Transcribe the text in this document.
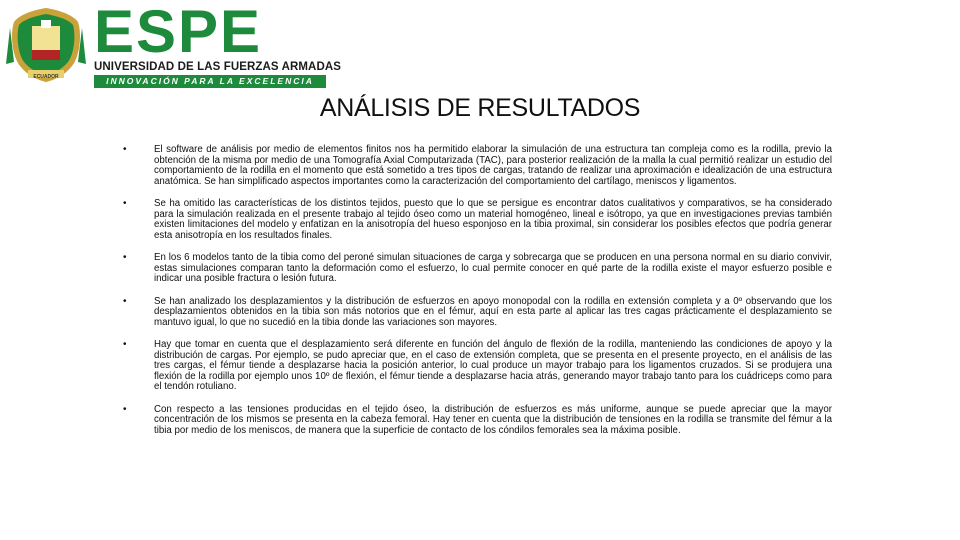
ECUADOR
ESPE
UNIVERSIDAD DE LAS FUERZAS ARMADAS
INNOVACIÓN PARA LA EXCELENCIA
ANÁLISIS DE RESULTADOS
•	El software de análisis por medio de elementos finitos nos ha permitido elaborar la simulación de una estructura tan compleja como es la rodilla, previo la obtención de la misma por medio de una Tomografía Axial Computarizada (TAC), para posterior realización de la malla la cual permitió realizar un estudio del comportamiento de la rodilla en el momento que está sometido a tres tipos de cargas, tratando de realizar una aproximación e idealización de una estructura anatómica. Se han simplificado aspectos importantes como la caracterización del comportamiento del cartílago, meniscos y ligamentos.
•	Se ha omitido las características de los distintos tejidos, puesto que lo que se persigue es encontrar datos cualitativos y comparativos, se ha considerado para la simulación realizada en el presente trabajo al tejido óseo como un material homogéneo, lineal e isótropo, ya que en investigaciones previas también existen limitaciones del modelo y enfatizan en la anisotropía del hueso esponjoso en la tibia proximal, sin considerar los posibles efectos que podría generar esta anisotropía en los resultados finales.
•	En los 6 modelos tanto de la tibia como del peroné simulan situaciones de carga y sobrecarga que se producen en una persona normal en su diario convivir, estas simulaciones comparan tanto la deformación como el esfuerzo, lo cual permite conocer en qué parte de la rodilla existe el mayor esfuerzo posible e indicar una posible fractura o lesión futura.
•	Se han analizado los desplazamientos y la distribución de esfuerzos en apoyo monopodal con la rodilla en extensión completa y a 0º observando que los desplazamientos obtenidos en la tibia son más notorios que en el fémur, aquí en esta parte al aplicar las tres cagas prácticamente el desplazamiento se mantuvo igual, lo que no sucedió en la tibia donde las variaciones son mayores.
•	Hay que tomar en cuenta que el desplazamiento será diferente en función del ángulo de flexión de la rodilla, manteniendo las condiciones de apoyo y la distribución de cargas. Por ejemplo, se pudo apreciar que, en el caso de extensión completa, que se presenta en el presente proyecto, en el análisis de las tres cargas, el fémur tiende a desplazarse hacia la posición anterior, lo cual produce un mayor trabajo para los ligamentos cruzados. Si se produjera una flexión de la rodilla por ejemplo unos 10º de flexión, el fémur tiende a desplazarse hacia atrás, generando mayor trabajo tanto para los cuádriceps como para el tendón rotuliano.
•	Con respecto a las tensiones producidas en el tejido óseo, la distribución de esfuerzos es más uniforme, aunque se puede apreciar que la mayor concentración de los mismos se presenta en la cabeza femoral. Hay tener en cuenta que la distribución de tensiones en la rodilla se transmite del fémur a la tibia por medio de los meniscos, de manera que la superficie de contacto de los cóndilos femorales sea la máxima posible.
